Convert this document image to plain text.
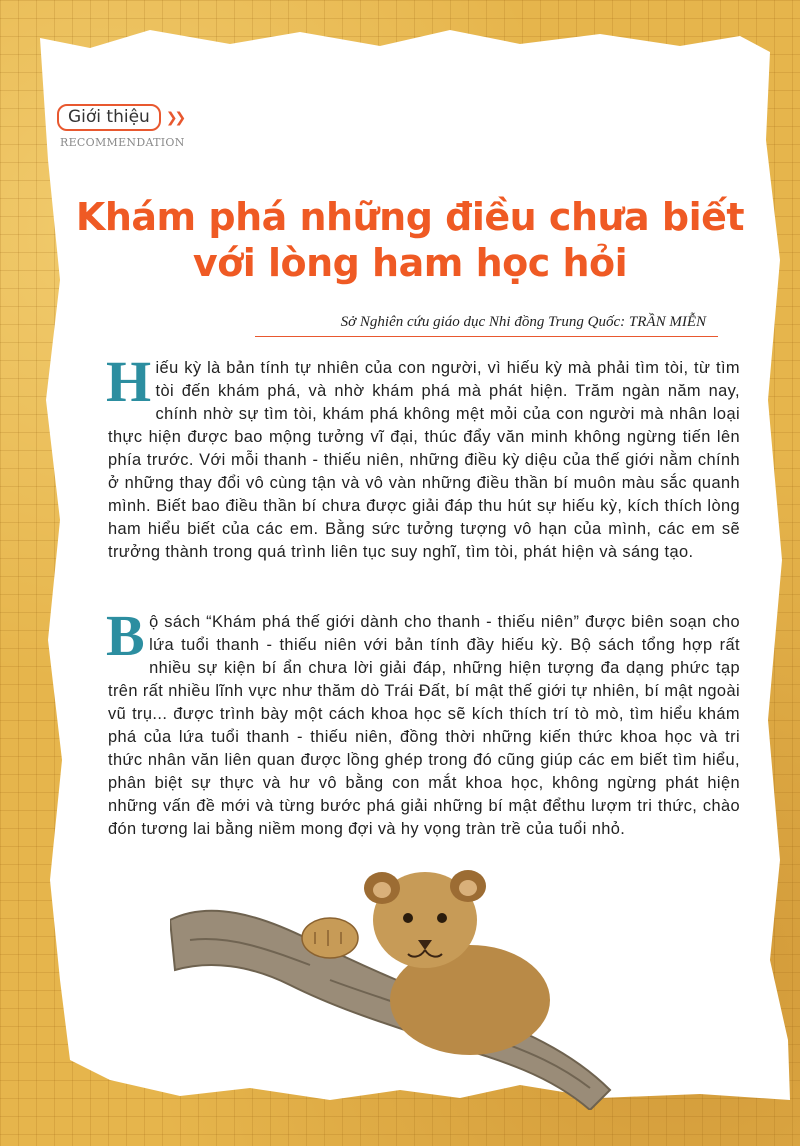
Giới thiệu	❯❯
RECOMMENDATION
Khám phá những điều chưa biết
với lòng ham học hỏi
Sở Nghiên cứu giáo dục Nhi đồng Trung Quốc: TRẦN MIỄN

Hiếu kỳ là bản tính tự nhiên của con người, vì hiếu kỳ mà phải tìm tòi, từ tìm tòi đến khám phá, và nhờ khám phá mà phát hiện. Trăm ngàn năm nay, chính nhờ sự tìm tòi, khám phá không mệt mỏi của con người mà nhân loại thực hiện được bao mộng tưởng vĩ đại, thúc đẩy văn minh không ngừng tiến lên phía trước. Với mỗi thanh - thiếu niên, những điều kỳ diệu của thế giới nằm chính ở những thay đổi vô cùng tận và vô vàn những điều thần bí muôn màu sắc quanh mình. Biết bao điều thần bí chưa được giải đáp thu hút sự hiếu kỳ, kích thích lòng ham hiểu biết của các em. Bằng sức tưởng tượng vô hạn của mình, các em sẽ trưởng thành trong quá trình liên tục suy nghĩ, tìm tòi, phát hiện và sáng tạo.

Bộ sách “Khám phá thế giới dành cho thanh - thiếu niên” được biên soạn cho lứa tuổi thanh - thiếu niên với bản tính đầy hiếu kỳ. Bộ sách tổng hợp rất nhiều sự kiện bí ẩn chưa lời giải đáp, những hiện tượng đa dạng phức tạp trên rất nhiều lĩnh vực như thăm dò Trái Đất, bí mật thế giới tự nhiên, bí mật ngoài vũ trụ... được trình bày một cách khoa học sẽ kích thích trí tò mò, tìm hiểu khám phá của lứa tuổi thanh - thiếu niên, đồng thời những kiến thức khoa học và tri thức nhân văn liên quan được lồng ghép trong đó cũng giúp các em biết tìm hiểu, phân biệt sự thực và hư vô bằng con mắt khoa học, không ngừng phát hiện những vấn đề mới và từng bước phá giải những bí mật đểthu lượm tri thức, chào đón tương lai bằng niềm mong đợi và hy vọng tràn trề của tuổi nhỏ.
